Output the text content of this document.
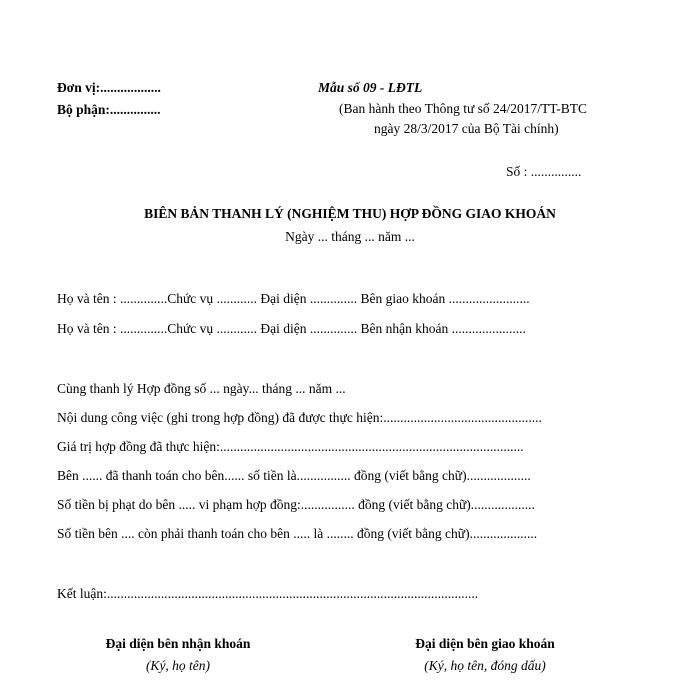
Đơn vị:..................
Bộ phận:...............
Mẫu số 09 - LĐTL
(Ban hành theo Thông tư số 24/2017/TT-BTC
ngày 28/3/2017 của Bộ Tài chính)
Số : ...............
BIÊN BẢN THANH LÝ (NGHIỆM THU) HỢP ĐỒNG GIAO KHOÁN
Ngày ... tháng ... năm ...
Họ và tên : ..............Chức vụ ............ Đại diện .............. Bên giao khoán ........................
Họ và tên : ..............Chức vụ ............ Đại diện .............. Bên nhận khoán ......................
Cùng thanh lý Hợp đồng số ... ngày... tháng ... năm ...
Nội dung công việc (ghi trong hợp đồng) đã được thực hiện:...............................................
Giá trị hợp đồng đã thực hiện:..........................................................................................
Bên ...... đã thanh toán cho bên...... số tiền là................ đồng (viết bằng chữ)...................
Số tiền bị phạt do bên ..... vi phạm hợp đồng:................ đồng (viết bằng chữ)...................
Số tiền bên .... còn phải thanh toán cho bên ..... là ........ đồng (viết bằng chữ)....................
Kết luận:..............................................................................................................
Đại diện bên nhận khoán
(Ký, họ tên)
Đại diện bên giao khoán
(Ký, họ tên, đóng dấu)
